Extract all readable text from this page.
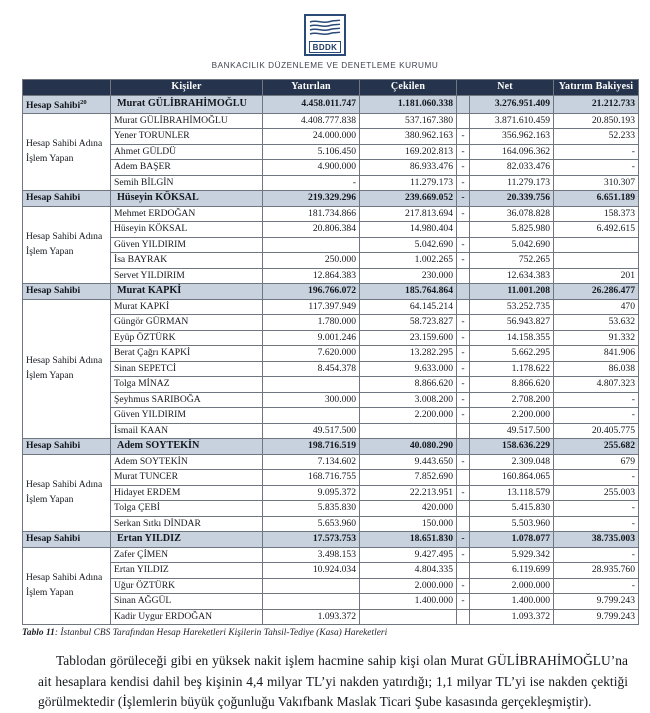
BDDK
BANKACILIK DÜZENLEME VE DENETLEME KURUMU
	Kişiler	Yatırılan	Çekilen	Net		Yatırım Bakiyesi
Hesap Sahibi$^{20}$	Murat GÜLİBRAHİMOĞLU	4.458.011.747	1.181.060.338		3.276.951.409	21.212.733
Hesap Sahibi Adına İşlem Yapan	Murat GÜLİBRAHİMOĞLU	4.408.777.838	537.167.380		3.871.610.459	20.850.193
	Yener TORUNLER	24.000.000	380.962.163	-	356.962.163	52.233
	Ahmet GÜLDÜ	5.106.450	169.202.813	-	164.096.362	-
	Adem BAŞER	4.900.000	86.933.476	-	82.033.476	-
	Semih BİLGİN	-	11.279.173	-	11.279.173	310.307
Hesap Sahibi	Hüseyin KÖKSAL	219.329.296	239.669.052	-	20.339.756	6.651.189
Hesap Sahibi Adına İşlem Yapan	Mehmet ERDOĞAN	181.734.866	217.813.694	-	36.078.828	158.373
	Hüseyin KÖKSAL	20.806.384	14.980.404		5.825.980	6.492.615
	Güven YILDIRIM		5.042.690	-	5.042.690	
	İsa BAYRAK	250.000	1.002.265	-	752.265	
	Servet YILDIRIM	12.864.383	230.000		12.634.383	201
Hesap Sahibi	Murat KAPKİ	196.766.072	185.764.864		11.001.208	26.286.477
Hesap Sahibi Adına İşlem Yapan	Murat KAPKİ	117.397.949	64.145.214		53.252.735	470
	Güngör GÜRMAN	1.780.000	58.723.827	-	56.943.827	53.632
	Eyüp ÖZTÜRK	9.001.246	23.159.600	-	14.158.355	91.332
	Berat Çağrı KAPKİ	7.620.000	13.282.295	-	5.662.295	841.906
	Sinan SEPETCİ	8.454.378	9.633.000	-	1.178.622	86.038
	Tolga MİNAZ		8.866.620	-	8.866.620	4.807.323
	Şeyhmus SARIBOĞA	300.000	3.008.200	-	2.708.200	-
	Güven YILDIRIM		2.200.000	-	2.200.000	-
	İsmail KAAN	49.517.500			49.517.500	20.405.775
Hesap Sahibi	Adem SOYTEKİN	198.716.519	40.080.290		158.636.229	255.682
Hesap Sahibi Adına İşlem Yapan	Adem SOYTEKİN	7.134.602	9.443.650	-	2.309.048	679
	Murat TUNCER	168.716.755	7.852.690		160.864.065	-
	Hidayet ERDEM	9.095.372	22.213.951	-	13.118.579	255.003
	Tolga ÇEBİ	5.835.830	420.000		5.415.830	-
	Serkan Sıtkı DİNDAR	5.653.960	150.000		5.503.960	-
Hesap Sahibi	Ertan YILDIZ	17.573.753	18.651.830	-	1.078.077	38.735.003
Hesap Sahibi Adına İşlem Yapan	Zafer ÇİMEN	3.498.153	9.427.495	-	5.929.342	-
	Ertan YILDIZ	10.924.034	4.804.335		6.119.699	28.935.760
	Uğur ÖZTÜRK		2.000.000	-	2.000.000	-
	Sinan AĞGÜL		1.400.000	-	1.400.000	9.799.243
	Kadir Uygur ERDOĞAN	1.093.372			1.093.372	9.799.243
Tablo 11: İstanbul CBS Tarafından Hesap Hareketleri Kişilerin Tahsil-Tediye (Kasa) Hareketleri

Tablodan görüleceği gibi en yüksek nakit işlem hacmine sahip kişi olan Murat GÜLİBRAHİMOĞLU’na ait hesaplara kendisi dahil beş kişinin 4,4 milyar TL’yi nakden yatırdığı; 1,1 milyar TL’yi ise nakden çektiği görülmektedir (İşlemlerin büyük çoğunluğu Vakıfbank Maslak Ticari Şube kasasında gerçekleşmiştir).
